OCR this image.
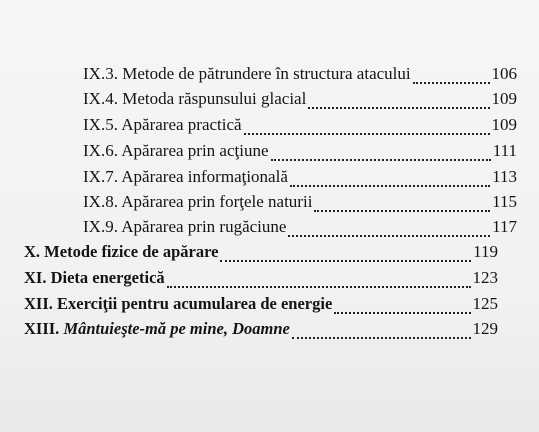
IX.3. Metode de pătrundere în structura atacului	106
IX.4. Metoda răspunsului glacial	109
IX.5. Apărarea practică	109
IX.6. Apărarea prin acţiune	111
IX.7. Apărarea informaţională	113
IX.8. Apărarea prin forţele naturii	115
IX.9. Apărarea prin rugăciune	117
X. Metode fizice de apărare	119
XI. Dieta energetică	123
XII. Exerciţii pentru acumularea de energie	125
XIII. Mântuieşte-mă pe mine, Doamne	129
